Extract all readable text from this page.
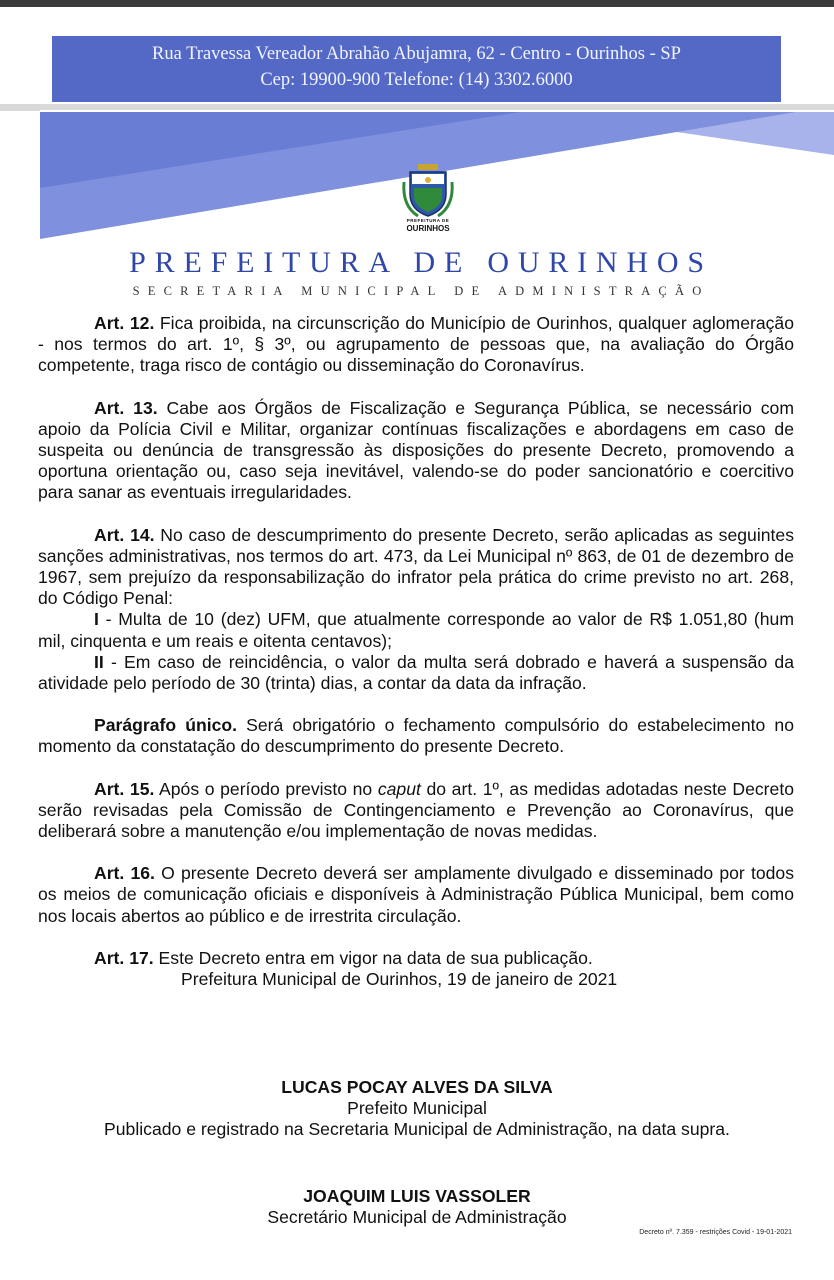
Rua Travessa Vereador Abrahão Abujamra, 62 - Centro - Ourinhos - SP
Cep: 19900-900 Telefone: (14) 3302.6000
PREFEITURA DE
OURINHOS
PREFEITURA DE OURINHOS
SECRETARIA MUNICIPAL DE ADMINISTRAÇÃO

Art. 12. Fica proibida, na circunscrição do Município de Ourinhos, qualquer aglomeração - nos termos do art. 1º, § 3º, ou agrupamento de pessoas que, na avaliação do Órgão competente, traga risco de contágio ou disseminação do Coronavírus.

Art. 13. Cabe aos Órgãos de Fiscalização e Segurança Pública, se necessário com apoio da Polícia Civil e Militar, organizar contínuas fiscalizações e abordagens em caso de suspeita ou denúncia de transgressão às disposições do presente Decreto, promovendo a oportuna orientação ou, caso seja inevitável, valendo-se do poder sancionatório e coercitivo para sanar as eventuais irregularidades.

Art. 14. No caso de descumprimento do presente Decreto, serão aplicadas as seguintes sanções administrativas, nos termos do art. 473, da Lei Municipal nº 863, de 01 de dezembro de 1967, sem prejuízo da responsabilização do infrator pela prática do crime previsto no art. 268, do Código Penal:

I - Multa de 10 (dez) UFM, que atualmente corresponde ao valor de R$ 1.051,80 (hum mil, cinquenta e um reais e oitenta centavos);

II - Em caso de reincidência, o valor da multa será dobrado e haverá a suspensão da atividade pelo período de 30 (trinta) dias, a contar da data da infração.

Parágrafo único. Será obrigatório o fechamento compulsório do estabelecimento no momento da constatação do descumprimento do presente Decreto.

Art. 15. Após o período previsto no caput do art. 1º, as medidas adotadas neste Decreto serão revisadas pela Comissão de Contingenciamento e Prevenção ao Coronavírus, que deliberará sobre a manutenção e/ou implementação de novas medidas.

Art. 16. O presente Decreto deverá ser amplamente divulgado e disseminado por todos os meios de comunicação oficiais e disponíveis à Administração Pública Municipal, bem como nos locais abertos ao público e de irrestrita circulação.

Art. 17. Este Decreto entra em vigor na data de sua publicação.

Prefeitura Municipal de Ourinhos, 19 de janeiro de 2021

LUCAS POCAY ALVES DA SILVA
Prefeito Municipal
Publicado e registrado na Secretaria Municipal de Administração, na data supra.
JOAQUIM LUIS VASSOLER
Secretário Municipal de Administração
Decreto nº. 7.359 - restrições Covid - 19-01-2021
